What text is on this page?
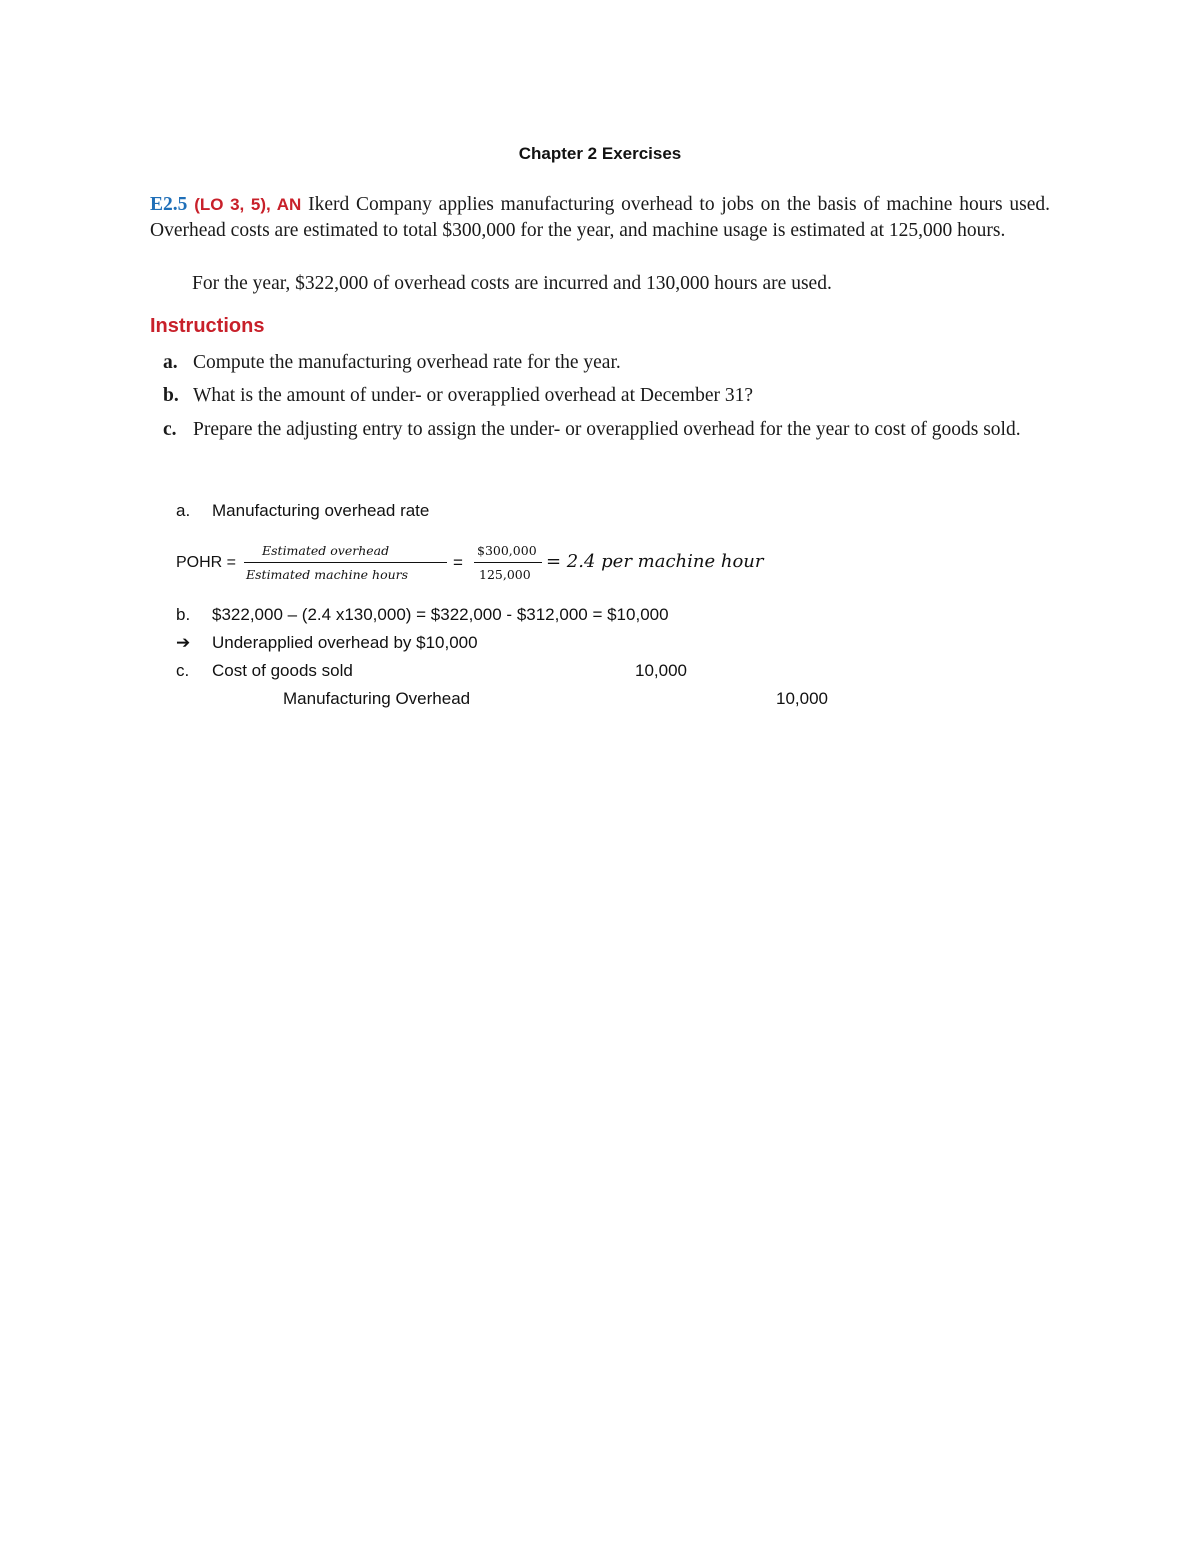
Chapter 2 Exercises
E2.5 (LO 3, 5), AN Ikerd Company applies manufacturing overhead to jobs on the basis of machine hours used. Overhead costs are estimated to total $300,000 for the year, and machine usage is estimated at 125,000 hours.
For the year, $322,000 of overhead costs are incurred and 130,000 hours are used.
Instructions
a. Compute the manufacturing overhead rate for the year.
b. What is the amount of under- or overapplied overhead at December 31?
c. Prepare the adjusting entry to assign the under- or overapplied overhead for the year to cost of goods sold.
a. Manufacturing overhead rate
POHR =
Estimated overhead
Estimated machine hours
=
$300,000
125,000
= 2.4 per machine hour
b. $322,000 – (2.4 x130,000) = $322,000 - $312,000 = $10,000
➔ Underapplied overhead by $10,000
c. Cost of goods sold	10,000
Manufacturing Overhead	10,000
